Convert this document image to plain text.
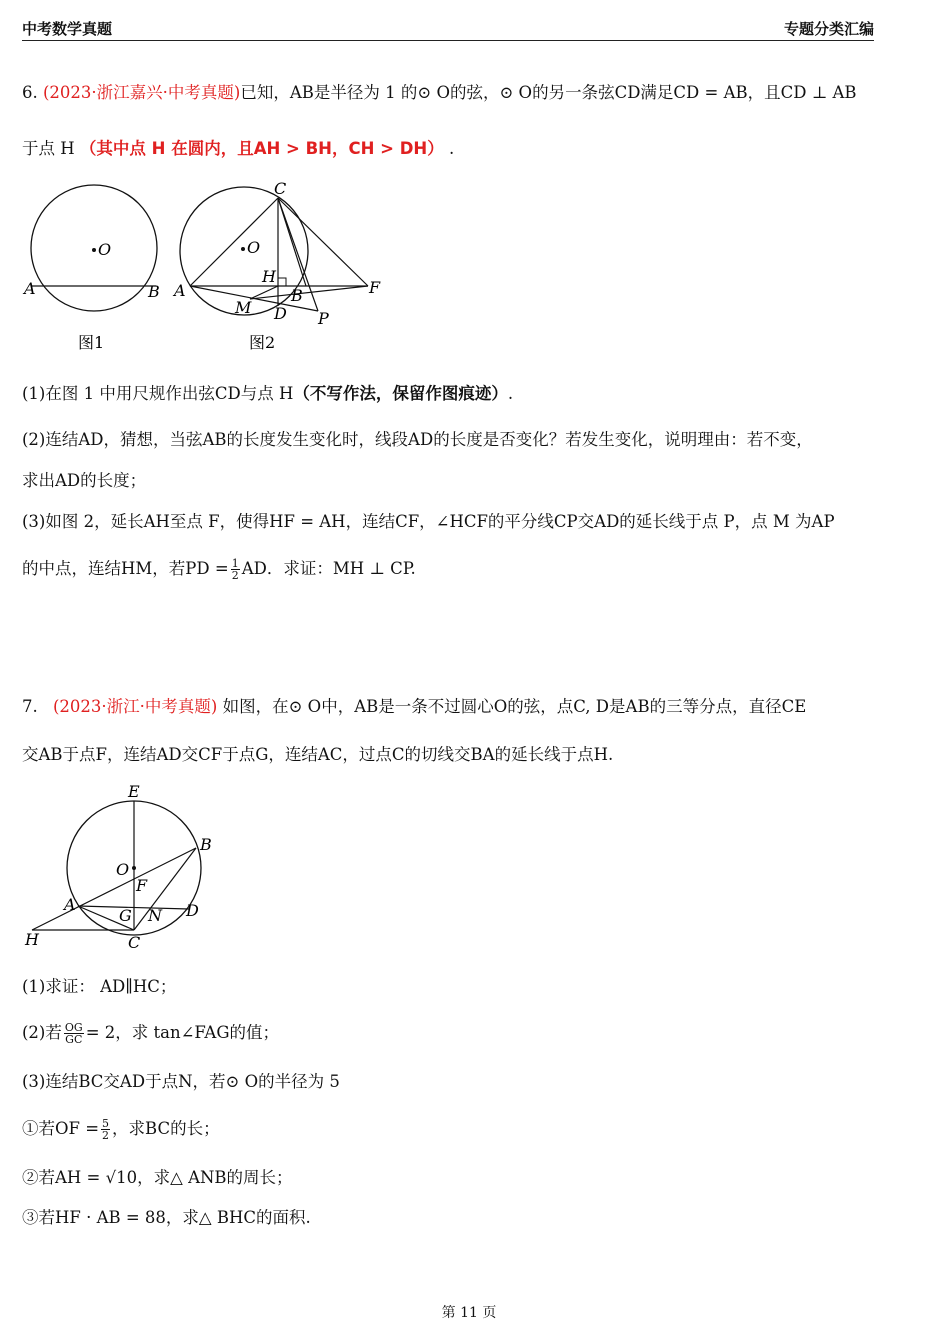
中考数学真题	专题分类汇编
6. (2023·浙江嘉兴·中考真题)已知，AB是半径为 1 的⊙ O的弦，⊙ O的另一条弦CD满足CD = AB，且CD ⊥ AB
于点 H （其中点 H 在圆内，且AH > BH，CH > DH） .
O
A	B
图1
C
O
H
A	B	F
M D P
图2
(1)在图 1 中用尺规作出弦CD与点 H（不写作法，保留作图痕迹）.
(2)连结AD，猜想，当弦AB的长度发生变化时，线段AD的长度是否变化？若发生变化，说明理由：若不变，
求出AD的长度；
(3)如图 2，延长AH至点 F，使得HF = AH，连结CF，∠HCF的平分线CP交AD的延长线于点 P，点 M 为AP
的中点，连结HM，若PD = $\frac{1}{2}$ AD．求证：MH ⊥ CP.
7. (2023·浙江·中考真题) 如图，在⊙ O中，AB是一条不过圆心O的弦，点C, D是AB的三等分点，直径CE
交AB于点F，连结AD交CF于点G，连结AC，过点C的切线交BA的延长线于点H.
E
B
O
F
A
G N D
H	C
(1)求证： AD∥HC；
(2)若 $\frac{OG}{GC} = 2$，求 tan∠FAG的值；
(3)连结BC交AD于点N，若⊙ O的半径为 5
①若OF = $\frac{5}{2}$ ，求BC的长；
②若AH = √10，求△ ANB的周长；
③若HF · AB = 88，求△ BHC的面积.
第 11 页
